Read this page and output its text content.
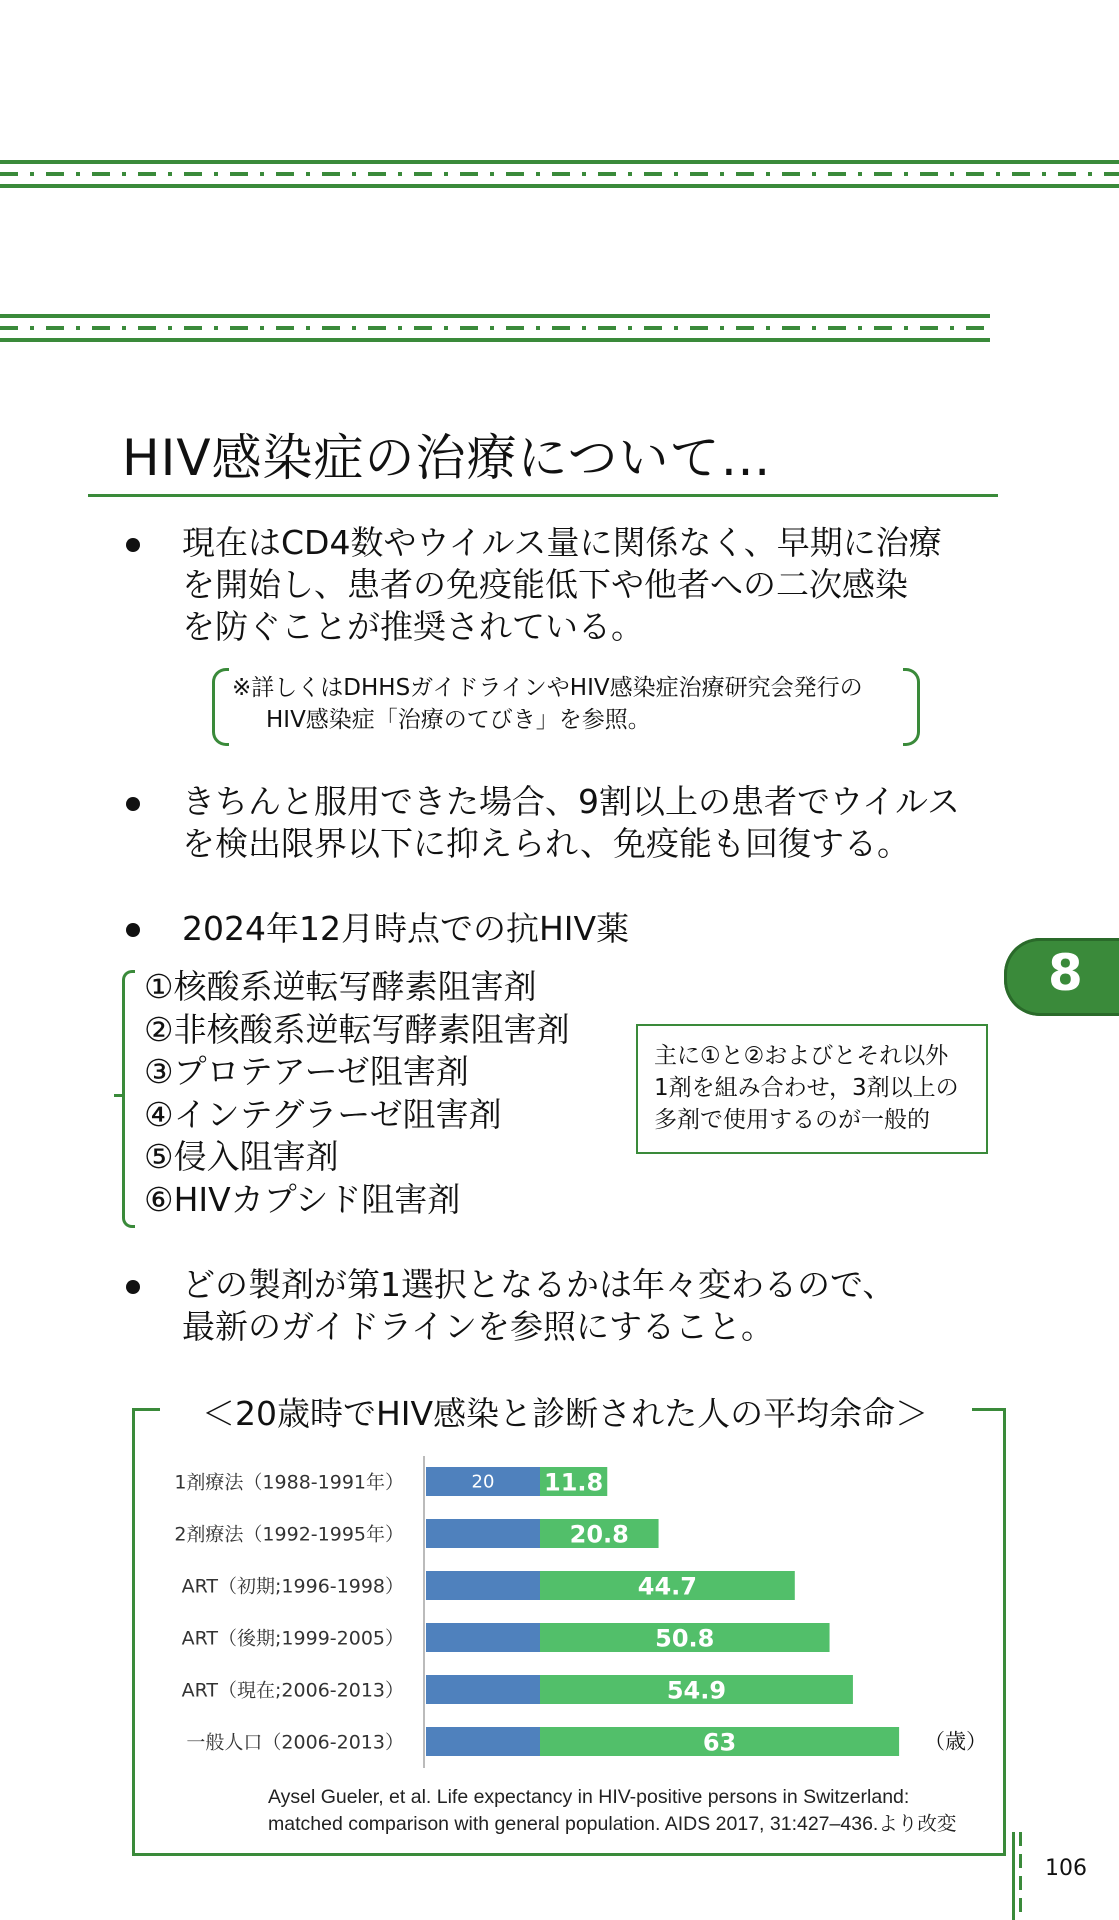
HIV感染症の治療について…
現在はCD4数やウイルス量に関係なく、早期に治療
を開始し、患者の免疫能低下や他者への二次感染
を防ぐことが推奨されている。
※詳しくはDHHSガイドラインやHIV感染症治療研究会発行の
HIV感染症「治療のてびき」を参照。
きちんと服用できた場合、9割以上の患者でウイルス
を検出限界以下に抑えられ、免疫能も回復する。
2024年12月時点での抗HIV薬
①核酸系逆転写酵素阻害剤
②非核酸系逆転写酵素阻害剤
③プロテアーゼ阻害剤
④インテグラーゼ阻害剤
⑤侵入阻害剤
⑥HIVカプシド阻害剤
主に①と②およびとそれ以外
1剤を組み合わせ，3剤以上の
多剤で使用するのが一般的
8
どの製剤が第1選択となるかは年々変わるので、
最新のガイドラインを参照にすること。
＜20歳時でHIV感染と診断された人の平均余命＞
1剤療法（1988-1991年）	20 11.8
2剤療法（1992-1995年）	20.8
ART（初期;1996-1998）	44.7
ART（後期;1999-2005）	50.8
ART（現在;2006-2013）	54.9
一般人口（2006-2013）	63	（歳）
Aysel Gueler, et al. Life expectancy in HIV-positive persons in Switzerland:
matched comparison with general population. AIDS 2017, 31:427–436.より改変
106
